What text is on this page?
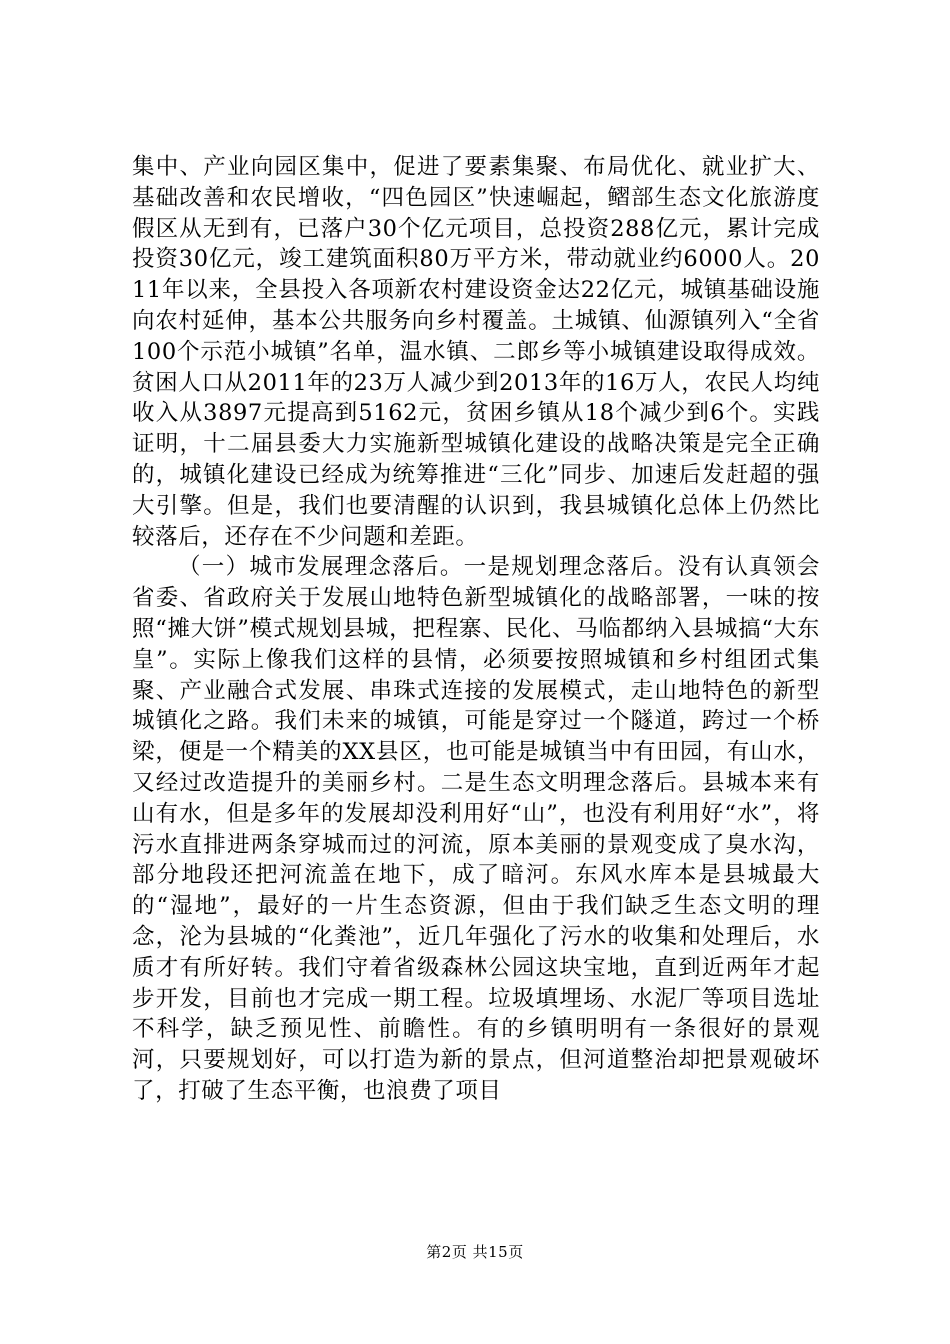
集中、产业向园区集中，促进了要素集聚、布局优化、就业扩大、基础改善和农民增收，“四色园区”快速崛起，鳛部生态文化旅游度假区从无到有，已落户30个亿元项目，总投资288亿元，累计完成投资30亿元，竣工建筑面积80万平方米，带动就业约6000人。2011年以来，全县投入各项新农村建设资金达22亿元，城镇基础设施向农村延伸，基本公共服务向乡村覆盖。土城镇、仙源镇列入“全省100个示范小城镇”名单，温水镇、二郎乡等小城镇建设取得成效。贫困人口从2011年的23万人减少到2013年的16万人，农民人均纯收入从3897元提高到5162元，贫困乡镇从18个减少到6个。实践证明，十二届县委大力实施新型城镇化建设的战略决策是完全正确的，城镇化建设已经成为统筹推进“三化”同步、加速后发赶超的强大引擎。但是，我们也要清醒的认识到，我县城镇化总体上仍然比较落后，还存在不少问题和差距。

（一）城市发展理念落后。一是规划理念落后。没有认真领会省委、省政府关于发展山地特色新型城镇化的战略部署，一味的按照“摊大饼”模式规划县城，把程寨、民化、马临都纳入县城搞“大东皇”。实际上像我们这样的县情，必须要按照城镇和乡村组团式集聚、产业融合式发展、串珠式连接的发展模式，走山地特色的新型城镇化之路。我们未来的城镇，可能是穿过一个隧道，跨过一个桥梁，便是一个精美的XX县区，也可能是城镇当中有田园，有山水，又经过改造提升的美丽乡村。二是生态文明理念落后。县城本来有山有水，但是多年的发展却没利用好“山”，也没有利用好“水”，将污水直排进两条穿城而过的河流，原本美丽的景观变成了臭水沟，部分地段还把河流盖在地下，成了暗河。东风水库本是县城最大的“湿地”，最好的一片生态资源，但由于我们缺乏生态文明的理念，沦为县城的“化粪池”，近几年强化了污水的收集和处理后，水质才有所好转。我们守着省级森林公园这块宝地，直到近两年才起步开发，目前也才完成一期工程。垃圾填埋场、水泥厂等项目选址不科学，缺乏预见性、前瞻性。有的乡镇明明有一条很好的景观河，只要规划好，可以打造为新的景点，但河道整治却把景观破坏了，打破了生态平衡，也浪费了项目

第2页 共15页
